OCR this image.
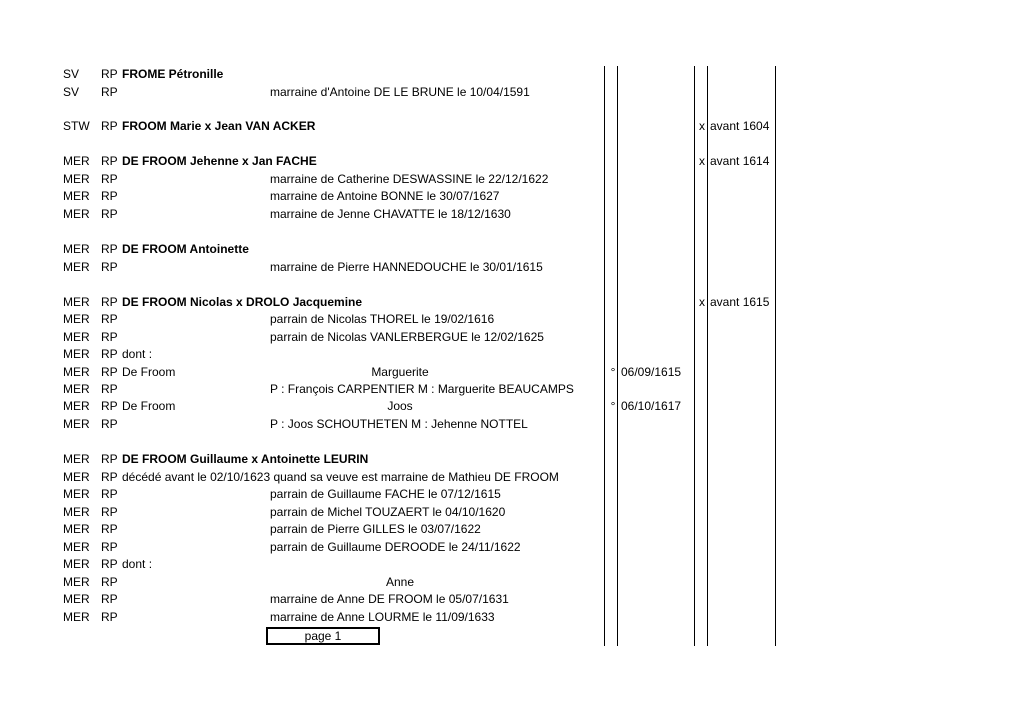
SV RP FROME Pétronille
SV RP	marraine d'Antoine DE LE BRUNE le 10/04/1591
STW RP FROOM Marie x Jean VAN ACKER	x avant 1604
MER RP DE FROOM Jehenne x Jan FACHE	x avant 1614
MER RP	marraine de Catherine DESWASSINE le 22/12/1622
MER RP	marraine de Antoine BONNE le 30/07/1627
MER RP	marraine de Jenne CHAVATTE le 18/12/1630
MER RP DE FROOM Antoinette
MER RP	marraine de Pierre HANNEDOUCHE le 30/01/1615
MER RP DE FROOM Nicolas x DROLO Jacquemine	x avant 1615
MER RP	parrain de Nicolas THOREL le 19/02/1616
MER RP	parrain de Nicolas VANLERBERGUE le 12/02/1625
MER RP dont :
MER RP De Froom	Marguerite	° 06/09/1615
MER RP	P : François CARPENTIER M : Marguerite BEAUCAMPS
MER RP De Froom	Joos	° 06/10/1617
MER RP	P : Joos SCHOUTHETEN M : Jehenne NOTTEL
MER RP DE FROOM Guillaume x Antoinette LEURIN
MER RP décédé avant le 02/10/1623 quand sa veuve est marraine de Mathieu DE FROOM
MER RP	parrain de Guillaume FACHE le 07/12/1615
MER RP	parrain de Michel TOUZAERT le 04/10/1620
MER RP	parrain de Pierre GILLES le 03/07/1622
MER RP	parrain de Guillaume DEROODE le 24/11/1622
MER RP dont :
MER RP	Anne
MER RP	marraine de Anne DE FROOM le 05/07/1631
MER RP	marraine de Anne LOURME le 11/09/1633
page 1
